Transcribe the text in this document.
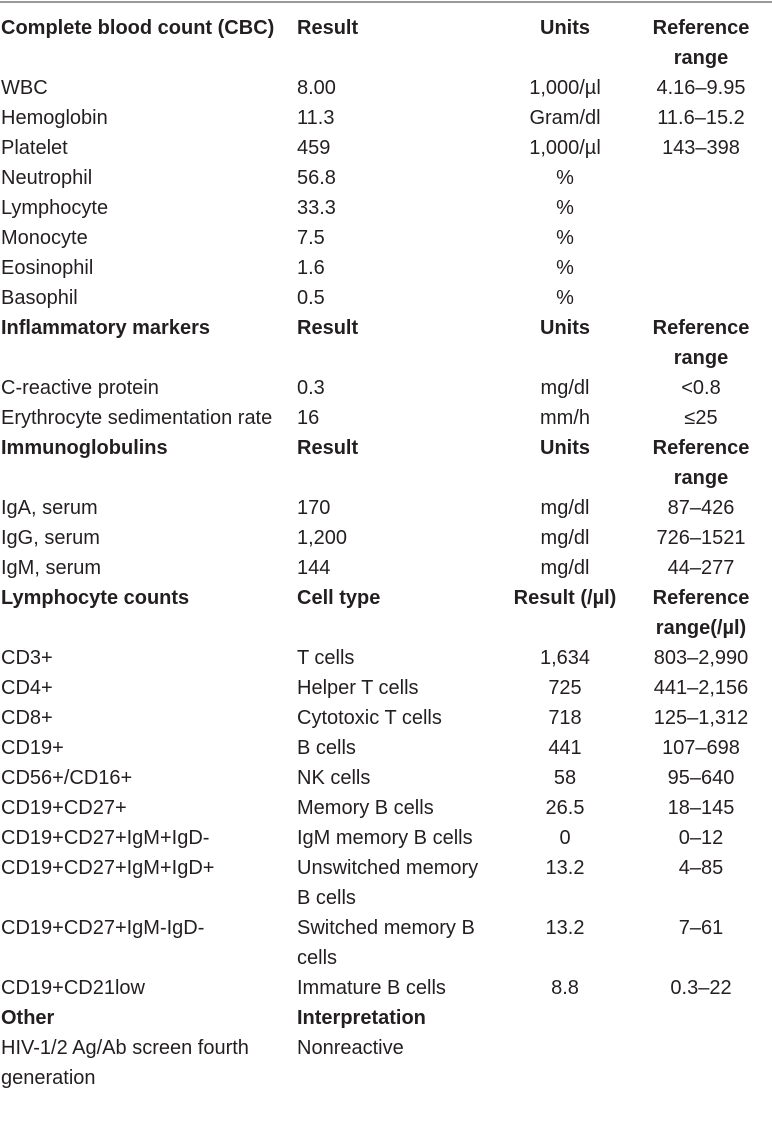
Complete blood count (CBC)	Result	Units	Reference range
WBC	8.00	1,000/µl	4.16–9.95
Hemoglobin	11.3	Gram/dl	11.6–15.2
Platelet	459	1,000/µl	143–398
Neutrophil	56.8	%	
Lymphocyte	33.3	%	
Monocyte	7.5	%	
Eosinophil	1.6	%	
Basophil	0.5	%	
Inflammatory markers	Result	Units	Reference range
C-reactive protein	0.3	mg/dl	<0.8
Erythrocyte sedimentation rate	16	mm/h	≤25
Immunoglobulins	Result	Units	Reference range
IgA, serum	170	mg/dl	87–426
IgG, serum	1,200	mg/dl	726–1521
IgM, serum	144	mg/dl	44–277
Lymphocyte counts	Cell type	Result (/µl)	Reference range(/µl)
CD3+	T cells	1,634	803–2,990
CD4+	Helper T cells	725	441–2,156
CD8+	Cytotoxic T cells	718	125–1,312
CD19+	B cells	441	107–698
CD56+/CD16+	NK cells	58	95–640
CD19+CD27+	Memory B cells	26.5	18–145
CD19+CD27+IgM+IgD-	IgM memory B cells	0	0–12
CD19+CD27+IgM+IgD+	Unswitched memory B cells	13.2	4–85
CD19+CD27+IgM-IgD-	Switched memory B cells	13.2	7–61
CD19+CD21low	Immature B cells	8.8	0.3–22
Other	Interpretation		
HIV-1/2 Ag/Ab screen fourth generation	Nonreactive		
